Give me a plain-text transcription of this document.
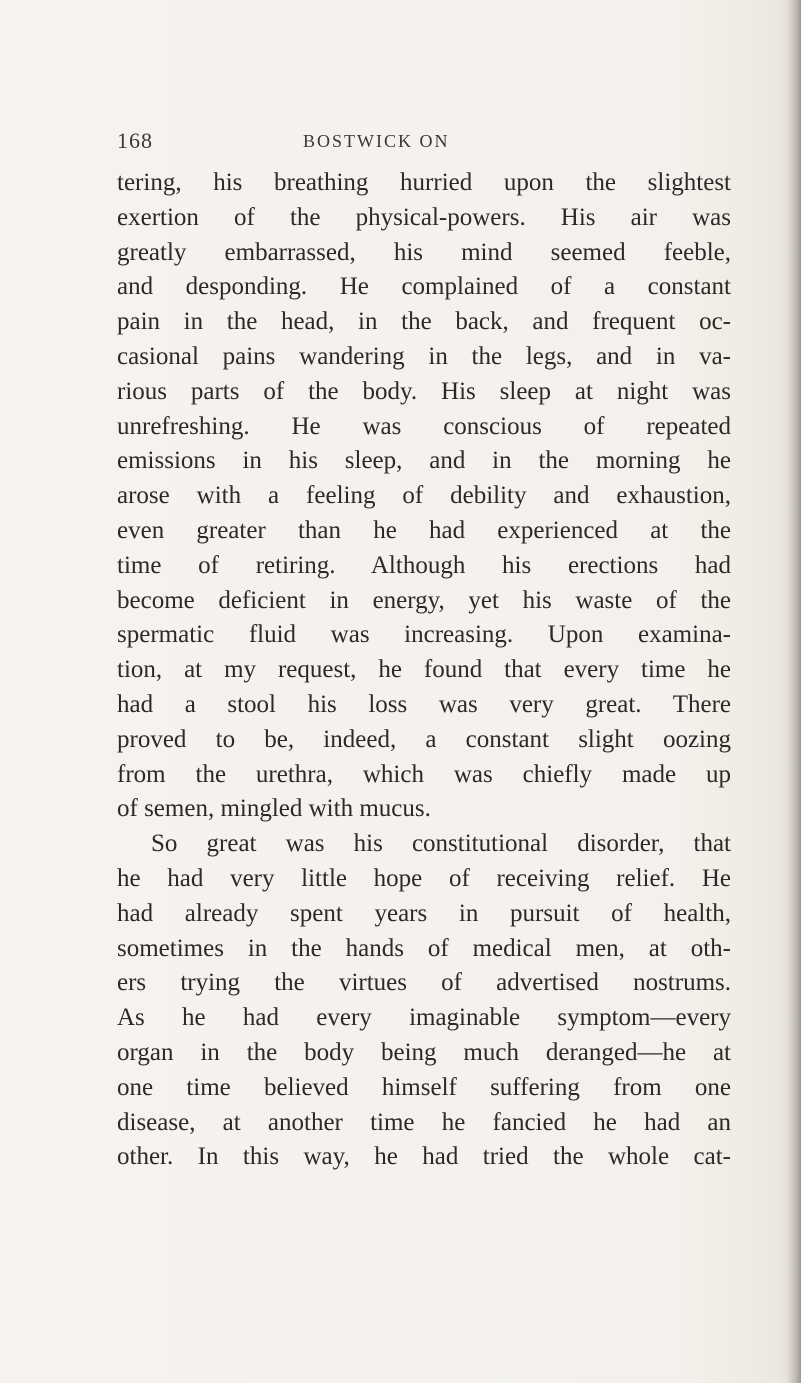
168	BOSTWICK ON
tering, his breathing hurried upon the slightest
exertion of the physical-powers. His air was
greatly embarrassed, his mind seemed feeble,
and desponding. He complained of a constant
pain in the head, in the back, and frequent oc-
casional pains wandering in the legs, and in va-
rious parts of the body. His sleep at night was
unrefreshing. He was conscious of repeated
emissions in his sleep, and in the morning he
arose with a feeling of debility and exhaustion,
even greater than he had experienced at the
time of retiring. Although his erections had
become deficient in energy, yet his waste of the
spermatic fluid was increasing. Upon examina-
tion, at my request, he found that every time he
had a stool his loss was very great. There
proved to be, indeed, a constant slight oozing
from the urethra, which was chiefly made up
of semen, mingled with mucus.
So great was his constitutional disorder, that
he had very little hope of receiving relief. He
had already spent years in pursuit of health,
sometimes in the hands of medical men, at oth-
ers trying the virtues of advertised nostrums.
As he had every imaginable symptom—every
organ in the body being much deranged—he at
one time believed himself suffering from one
disease, at another time he fancied he had an
other. In this way, he had tried the whole cat-
